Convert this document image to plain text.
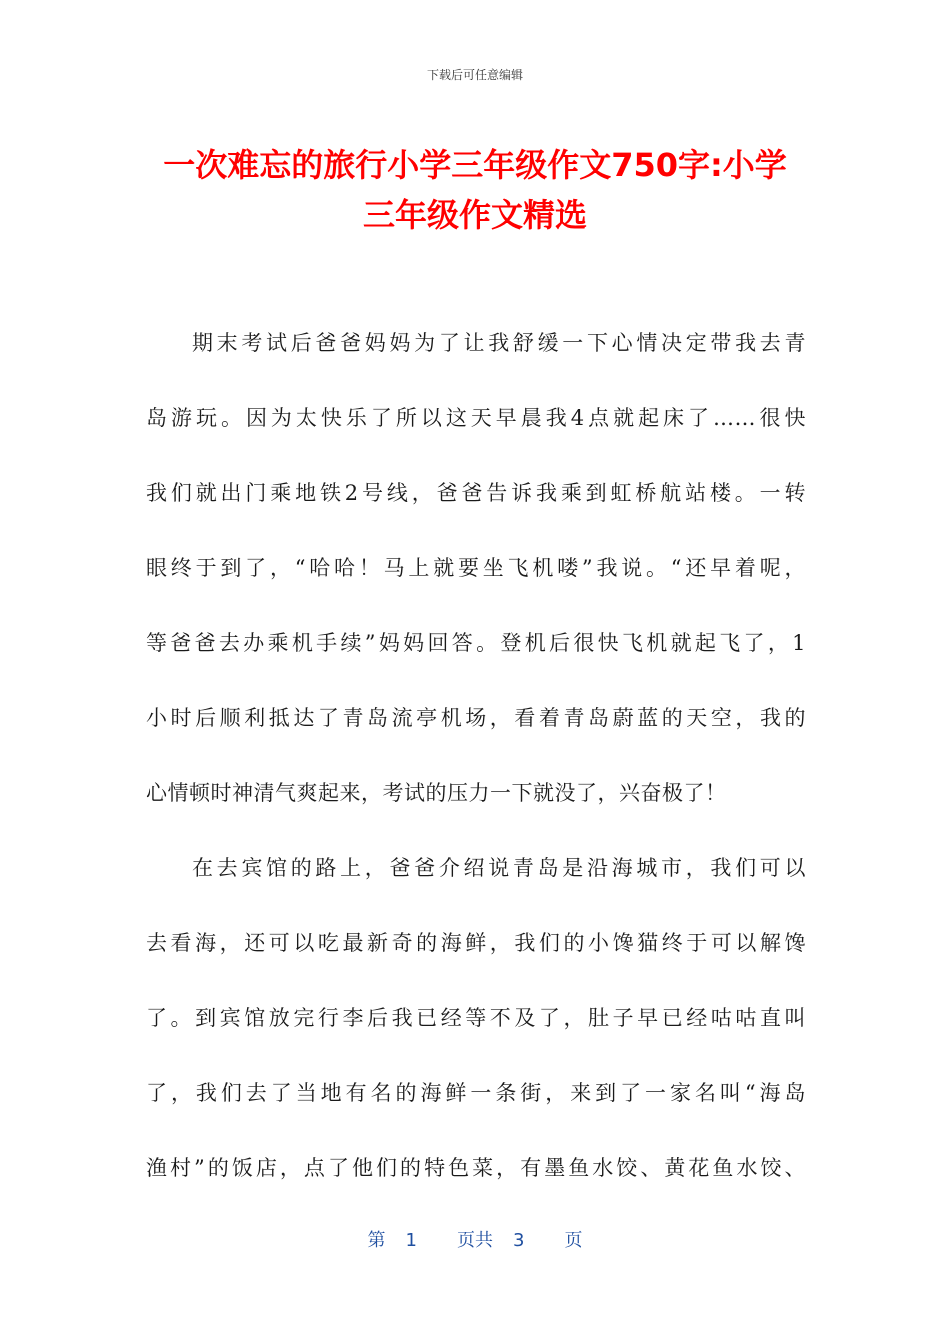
下载后可任意编辑
一次难忘的旅行小学三年级作文750字:小学
三年级作文精选
期末考试后爸爸妈妈为了让我舒缓一下心情决定带我去青
岛游玩。因为太快乐了所以这天早晨我4点就起床了……很快
我们就出门乘地铁2号线，爸爸告诉我乘到虹桥航站楼。一转
眼终于到了，“哈哈！马上就要坐飞机喽”我说。“还早着呢，
等爸爸去办乘机手续”妈妈回答。登机后很快飞机就起飞了，1
小时后顺利抵达了青岛流亭机场，看着青岛蔚蓝的天空，我的
心情顿时神清气爽起来，考试的压力一下就没了，兴奋极了！
在去宾馆的路上，爸爸介绍说青岛是沿海城市，我们可以
去看海，还可以吃最新奇的海鲜，我们的小馋猫终于可以解馋
了。到宾馆放完行李后我已经等不及了，肚子早已经咕咕直叫
了，我们去了当地有名的海鲜一条街，来到了一家名叫“海岛
渔村”的饭店，点了他们的特色菜，有墨鱼水饺、黄花鱼水饺、
第 1 页共 3 页
